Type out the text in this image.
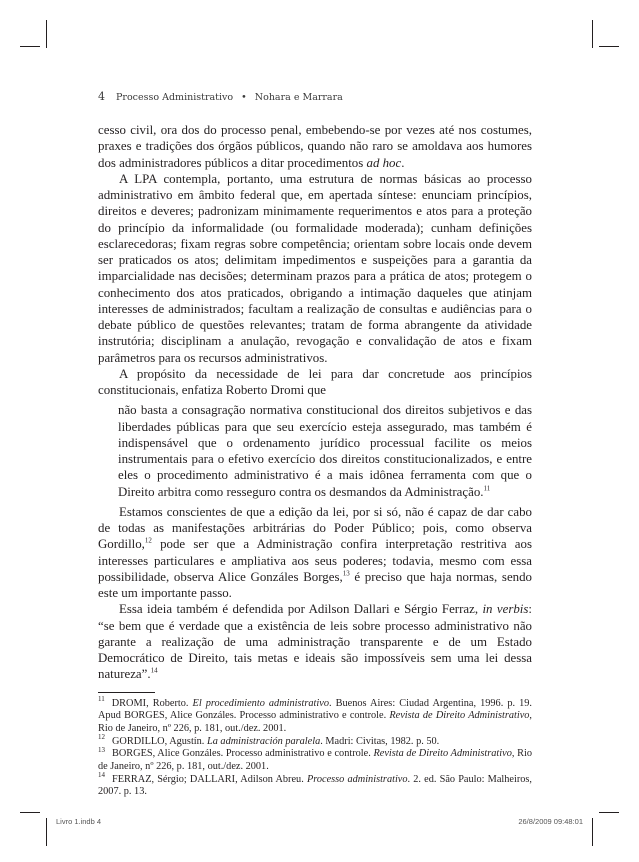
4 Processo Administrativo • Nohara e Marrara

cesso civil, ora dos do processo penal, embebendo-se por vezes até nos costumes, praxes e tradições dos órgãos públicos, quando não raro se amoldava aos humores dos administradores públicos a ditar procedimentos ad hoc.

A LPA contempla, portanto, uma estrutura de normas básicas ao processo administrativo em âmbito federal que, em apertada síntese: enunciam princípios, direitos e deveres; padronizam minimamente requerimentos e atos para a proteção do princípio da informalidade (ou formalidade moderada); cunham definições esclarecedoras; fixam regras sobre competência; orientam sobre locais onde devem ser praticados os atos; delimitam impedimentos e suspeições para a garantia da imparcialidade nas decisões; determinam prazos para a prática de atos; protegem o conhecimento dos atos praticados, obrigando a intimação daqueles que atinjam interesses de administrados; facultam a realização de consultas e audiências para o debate público de questões relevantes; tratam de forma abrangente da atividade instrutória; disciplinam a anulação, revogação e convalidação de atos e fixam parâmetros para os recursos administrativos.

A propósito da necessidade de lei para dar concretude aos princípios constitucionais, enfatiza Roberto Dromi que

não basta a consagração normativa constitucional dos direitos subjetivos e das liberdades públicas para que seu exercício esteja assegurado, mas também é indispensável que o ordenamento jurídico processual facilite os meios instrumentais para o efetivo exercício dos direitos constitucionalizados, e entre eles o procedimento administrativo é a mais idônea ferramenta com que o Direito arbitra como resseguro contra os desmandos da Administração.$^{11}$

Estamos conscientes de que a edição da lei, por si só, não é capaz de dar cabo de todas as manifestações arbitrárias do Poder Público; pois, como observa Gordillo,$^{12}$ pode ser que a Administração confira interpretação restritiva aos interesses particulares e ampliativa aos seus poderes; todavia, mesmo com essa possibilidade, observa Alice Gonzáles Borges,$^{13}$ é preciso que haja normas, sendo este um importante passo.

Essa ideia também é defendida por Adilson Dallari e Sérgio Ferraz, in verbis: “se bem que é verdade que a existência de leis sobre processo administrativo não garante a realização de uma administração transparente e de um Estado Democrático de Direito, tais metas e ideais são impossíveis sem uma lei dessa natureza”.$^{14}$

$^{11}$ DROMI, Roberto. El procedimiento administrativo. Buenos Aires: Ciudad Argentina, 1996. p. 19. Apud BORGES, Alice Gonzáles. Processo administrativo e controle. Revista de Direito Administrativo, Rio de Janeiro, nº 226, p. 181, out./dez. 2001.

$^{12}$ GORDILLO, Agustín. La administración paralela. Madri: Civitas, 1982. p. 50.

$^{13}$ BORGES, Alice Gonzáles. Processo administrativo e controle. Revista de Direito Administrativo, Rio de Janeiro, nº 226, p. 181, out./dez. 2001.

$^{14}$ FERRAZ, Sérgio; DALLARI, Adilson Abreu. Processo administrativo. 2. ed. São Paulo: Malheiros, 2007. p. 13.

Livro 1.indb 4	26/8/2009 09:48:01
